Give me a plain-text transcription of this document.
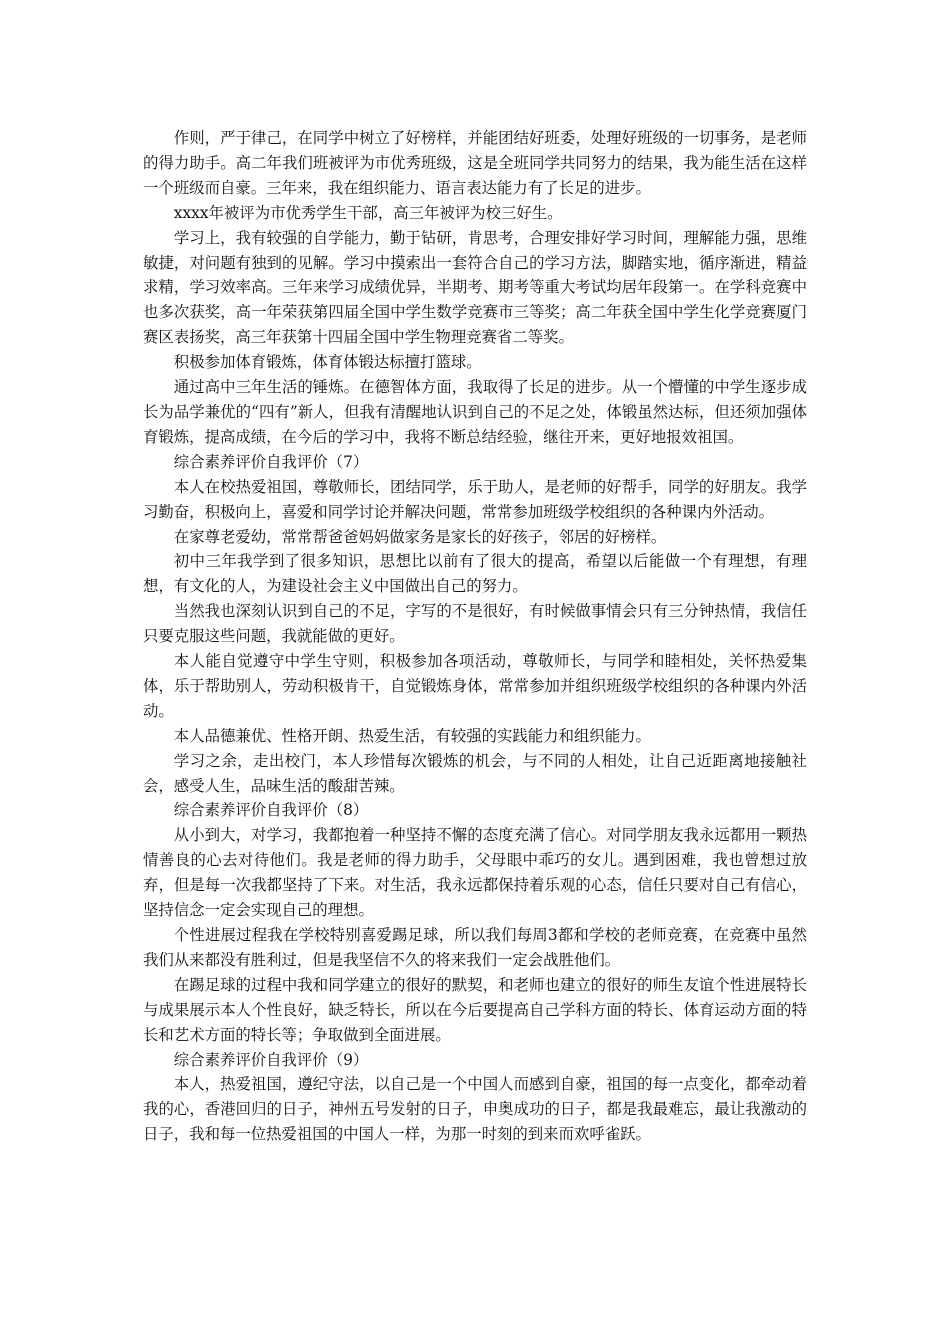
作则，严于律己，在同学中树立了好榜样，并能团结好班委，处理好班级的一切事务，是老师的得力助手。高二年我们班被评为市优秀班级，这是全班同学共同努力的结果，我为能生活在这样一个班级而自豪。三年来，我在组织能力、语言表达能力有了长足的进步。

xxxx年被评为市优秀学生干部，高三年被评为校三好生。

学习上，我有较强的自学能力，勤于钻研，肯思考，合理安排好学习时间，理解能力强，思维敏捷，对问题有独到的见解。学习中摸索出一套符合自己的学习方法，脚踏实地，循序渐进，精益求精，学习效率高。三年来学习成绩优异，半期考、期考等重大考试均居年段第一。在学科竞赛中也多次获奖，高一年荣获第四届全国中学生数学竞赛市三等奖；高二年获全国中学生化学竞赛厦门赛区表扬奖，高三年获第十四届全国中学生物理竞赛省二等奖。

积极参加体育锻炼，体育体锻达标擅打篮球。

通过高中三年生活的锤炼。在德智体方面，我取得了长足的进步。从一个懵懂的中学生逐步成长为品学兼优的“四有”新人，但我有清醒地认识到自己的不足之处，体锻虽然达标，但还须加强体育锻炼，提高成绩，在今后的学习中，我将不断总结经验，继往开来，更好地报效祖国。

综合素养评价自我评价（7）

本人在校热爱祖国，尊敬师长，团结同学，乐于助人，是老师的好帮手，同学的好朋友。我学习勤奋，积极向上，喜爱和同学讨论并解决问题，常常参加班级学校组织的各种课内外活动。

在家尊老爱幼，常常帮爸爸妈妈做家务是家长的好孩子，邻居的好榜样。

初中三年我学到了很多知识，思想比以前有了很大的提高，希望以后能做一个有理想，有理想，有文化的人，为建设社会主义中国做出自己的努力。

当然我也深刻认识到自己的不足，字写的不是很好，有时候做事情会只有三分钟热情，我信任只要克服这些问题，我就能做的更好。

本人能自觉遵守中学生守则，积极参加各项活动，尊敬师长，与同学和睦相处，关怀热爱集体，乐于帮助别人，劳动积极肯干，自觉锻炼身体，常常参加并组织班级学校组织的各种课内外活动。

本人品德兼优、性格开朗、热爱生活，有较强的实践能力和组织能力。

学习之余，走出校门，本人珍惜每次锻炼的机会，与不同的人相处，让自己近距离地接触社会，感受人生，品味生活的酸甜苦辣。

综合素养评价自我评价（8）

从小到大，对学习，我都抱着一种坚持不懈的态度充满了信心。对同学朋友我永远都用一颗热情善良的心去对待他们。我是老师的得力助手，父母眼中乖巧的女儿。遇到困难，我也曾想过放弃，但是每一次我都坚持了下来。对生活，我永远都保持着乐观的心态，信任只要对自己有信心，坚持信念一定会实现自己的理想。

个性进展过程我在学校特别喜爱踢足球，所以我们每周3都和学校的老师竞赛，在竞赛中虽然我们从来都没有胜利过，但是我坚信不久的将来我们一定会战胜他们。

在踢足球的过程中我和同学建立的很好的默契，和老师也建立的很好的师生友谊个性进展特长与成果展示本人个性良好，缺乏特长，所以在今后要提高自己学科方面的特长、体育运动方面的特长和艺术方面的特长等；争取做到全面进展。

综合素养评价自我评价（9）

本人，热爱祖国，遵纪守法，以自己是一个中国人而感到自豪，祖国的每一点变化，都牵动着我的心，香港回归的日子，神州五号发射的日子，申奥成功的日子，都是我最难忘，最让我激动的日子，我和每一位热爱祖国的中国人一样，为那一时刻的到来而欢呼雀跃。
